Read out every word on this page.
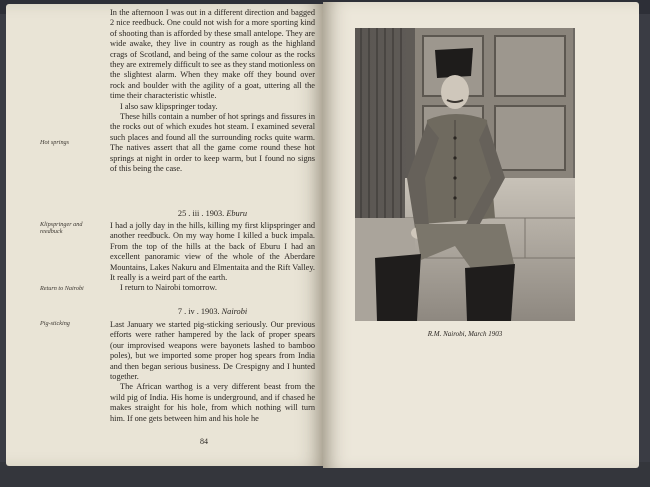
In the afternoon I was out in a different direction and bagged 2 nice reedbuck. One could not wish for a more sporting kind of shooting than is afforded by these small antelope. They are wide awake, they live in country as rough as the highland crags of Scotland, and being of the same colour as the rocks they are extremely difficult to see as they stand motionless on the slightest alarm. When they make off they bound over rock and boulder with the agility of a goat, uttering all the time their characteristic whistle.

I also saw klipspringer today.

These hills contain a number of hot springs and fissures in the rocks out of which exudes hot steam. I examined several such places and found all the surrounding rocks quite warm. The natives assert that all the game come round these hot springs at night in order to keep warm, but I found no signs of this being the case.

Hot springs
25 . iii . 1903. Eburu

I had a jolly day in the hills, killing my first klipspringer and another reedbuck. On my way home I killed a buck impala. From the top of the hills at the back of Eburu I had an excellent panoramic view of the whole of the Aberdare Mountains, Lakes Nakuru and Elmentaita and the Rift Valley. It really is a weird part of the earth.

I return to Nairobi tomorrow.

Klipspringer and reedbuck
Return to Nairobi
7 . iv . 1903. Nairobi

Last January we started pig-sticking seriously. Our previous efforts were rather hampered by the lack of proper spears (our improvised weapons were bayonets lashed to bamboo poles), but we imported some proper hog spears from India and then began serious business. De Crespigny and I hunted together.

The African warthog is a very different beast from the wild pig of India. His home is underground, and if chased he makes straight for his hole, from which nothing will turn him. If one gets between him and his hole he

Pig-sticking
84
R.M. Nairobi, March 1903
